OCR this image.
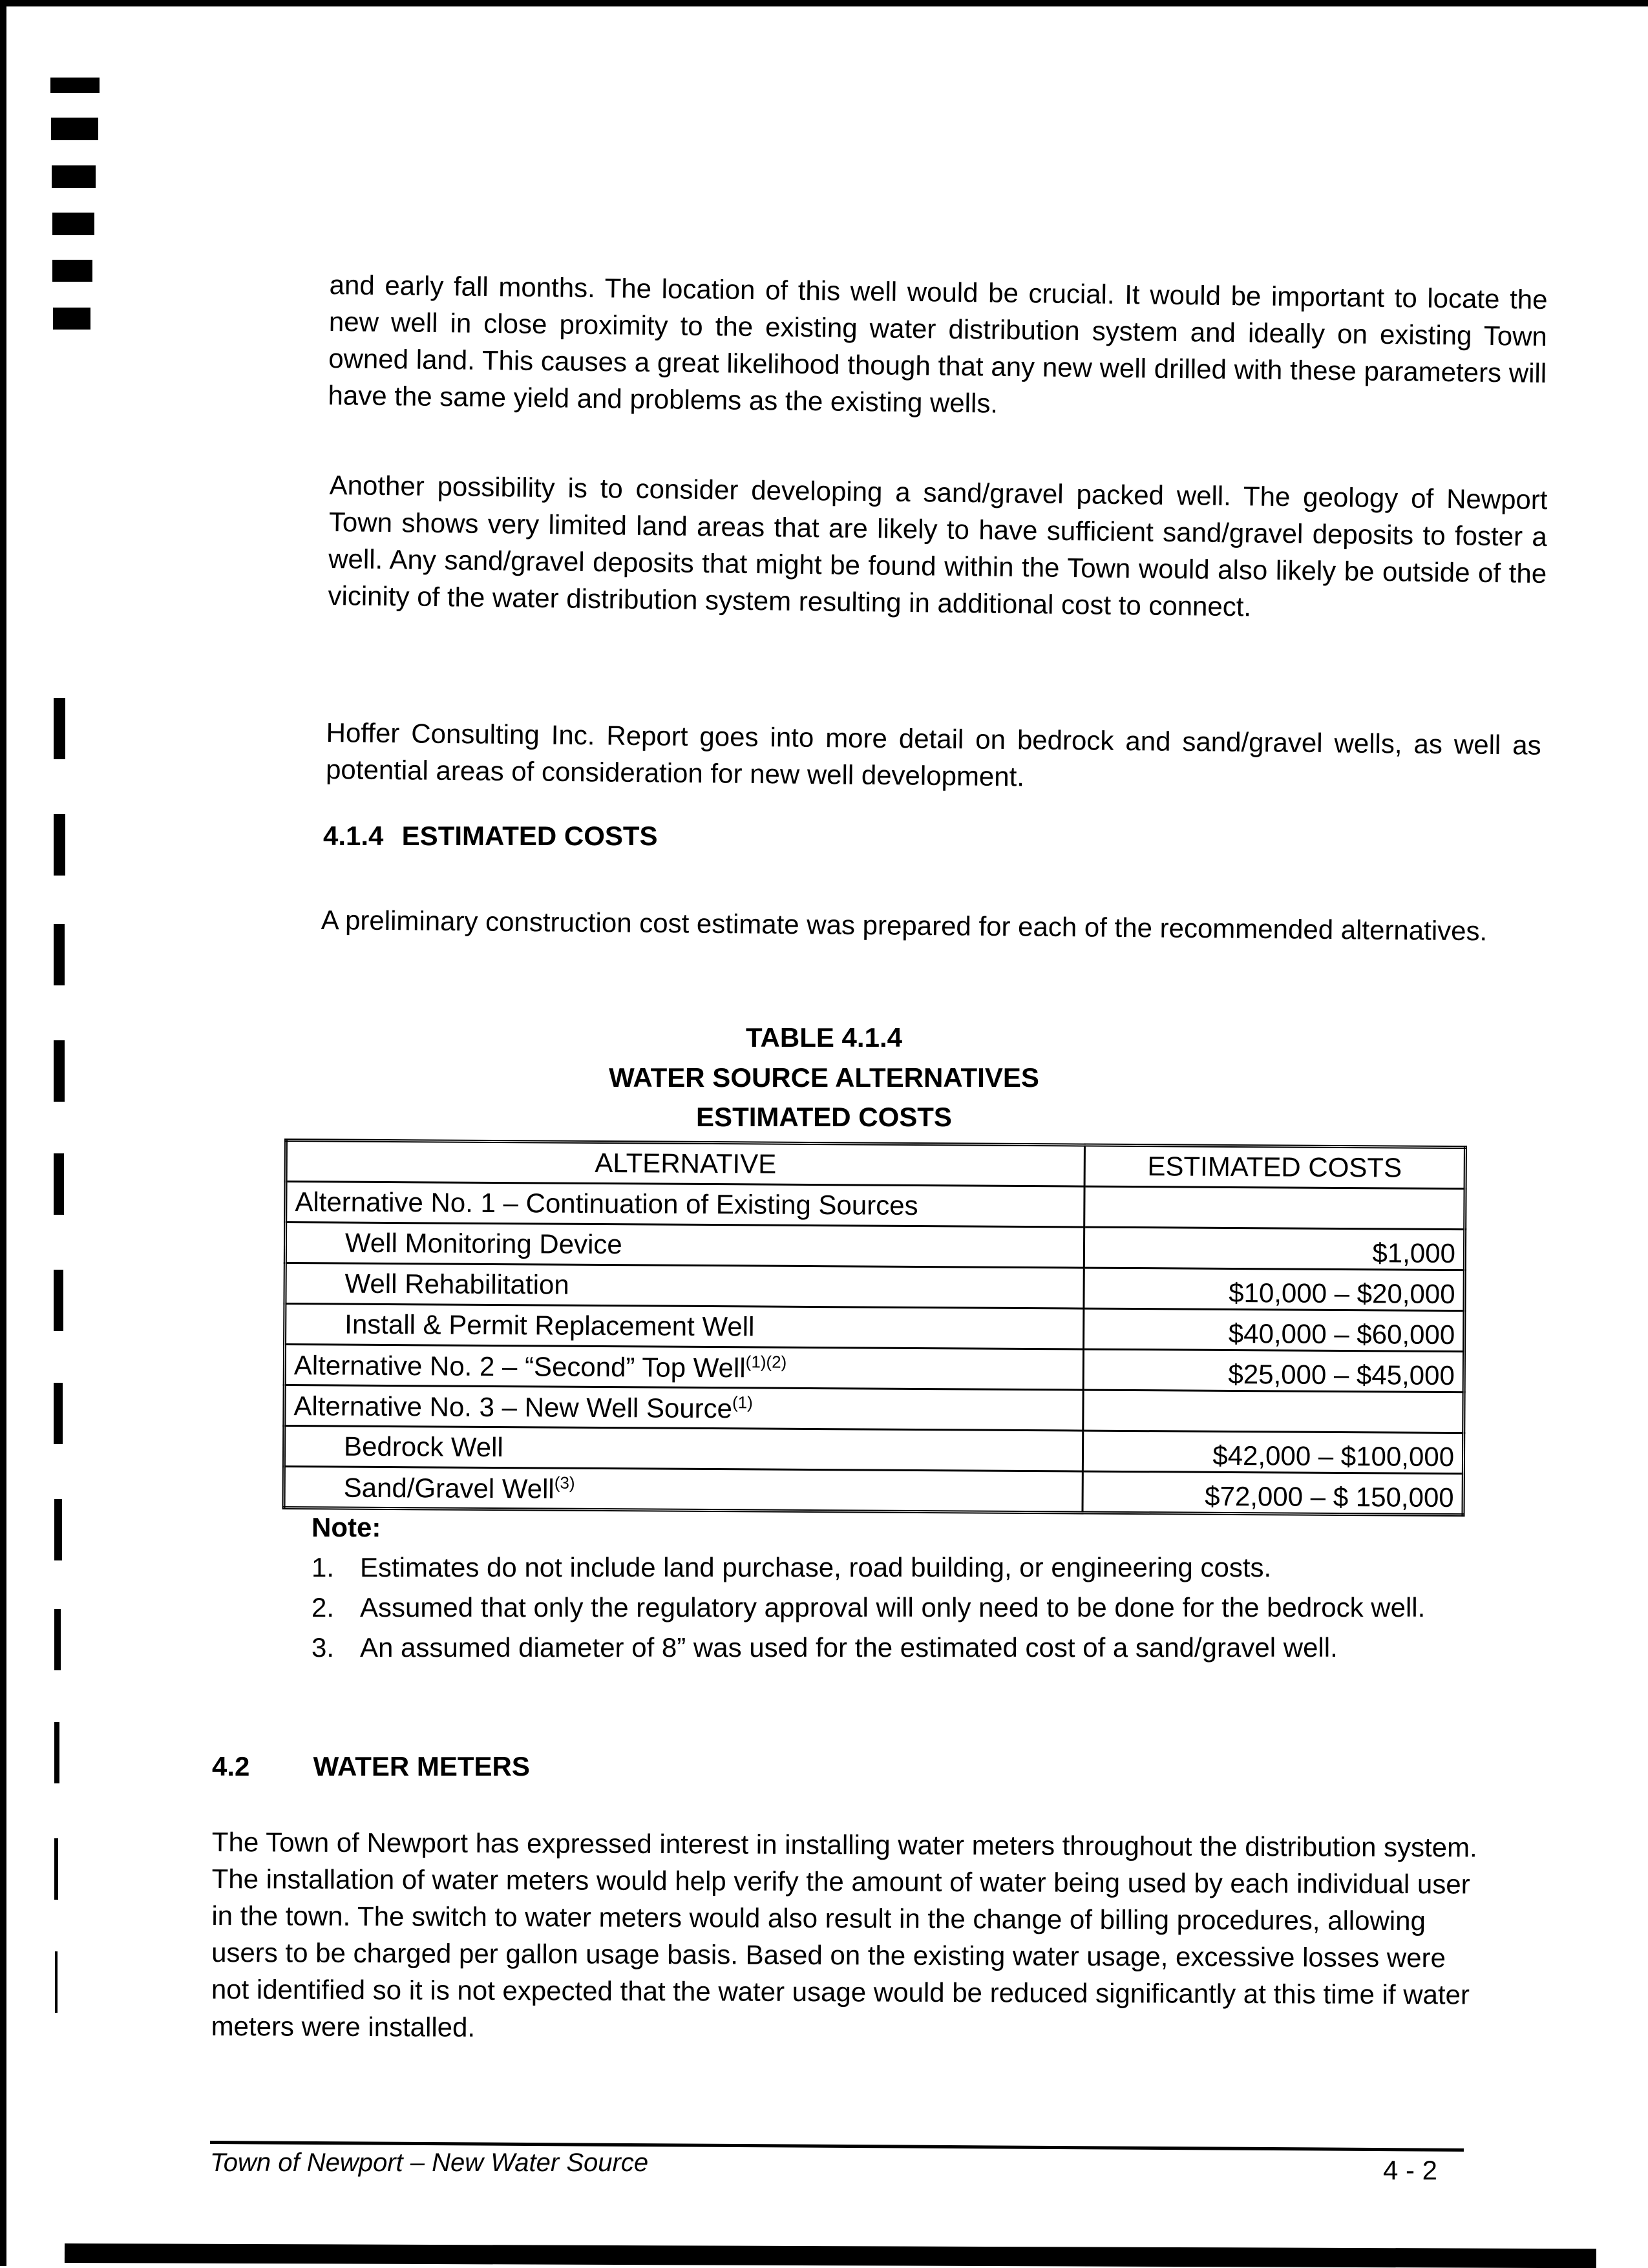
and early fall months. The location of this well would be crucial. It would be important to locate the new well in close proximity to the existing water distribution system and ideally on existing Town owned land. This causes a great likelihood though that any new well drilled with these parameters will have the same yield and problems as the existing wells.

Another possibility is to consider developing a sand/gravel packed well. The geology of Newport Town shows very limited land areas that are likely to have sufficient sand/gravel deposits to foster a well. Any sand/gravel deposits that might be found within the Town would also likely be outside of the vicinity of the water distribution system resulting in additional cost to connect.

Hoffer Consulting Inc. Report goes into more detail on bedrock and sand/gravel wells, as well as potential areas of consideration for new well development.

4.1.4 ESTIMATED COSTS

A preliminary construction cost estimate was prepared for each of the recommended alternatives.

TABLE 4.1.4
WATER SOURCE ALTERNATIVES
ESTIMATED COSTS
ALTERNATIVE	ESTIMATED COSTS
Alternative No. 1 – Continuation of Existing Sources	
Well Monitoring Device	$1,000
Well Rehabilitation	$10,000 – $20,000
Install & Permit Replacement Well	$40,000 – $60,000
Alternative No. 2 – “Second” Top Well$^{(1)(2)}$	$25,000 – $45,000
Alternative No. 3 – New Well Source$^{(1)}$	
Bedrock Well	$42,000 – $100,000
Sand/Gravel Well$^{(3)}$	$72,000 – $ 150,000
Note:
1. Estimates do not include land purchase, road building, or engineering costs.
2. Assumed that only the regulatory approval will only need to be done for the bedrock well.
3. An assumed diameter of 8” was used for the estimated cost of a sand/gravel well.
4.2 WATER METERS

The Town of Newport has expressed interest in installing water meters throughout the distribution system. The installation of water meters would help verify the amount of water being used by each individual user in the town. The switch to water meters would also result in the change of billing procedures, allowing users to be charged per gallon usage basis. Based on the existing water usage, excessive losses were not identified so it is not expected that the water usage would be reduced significantly at this time if water meters were installed.

Town of Newport – New Water Source	4 - 2
